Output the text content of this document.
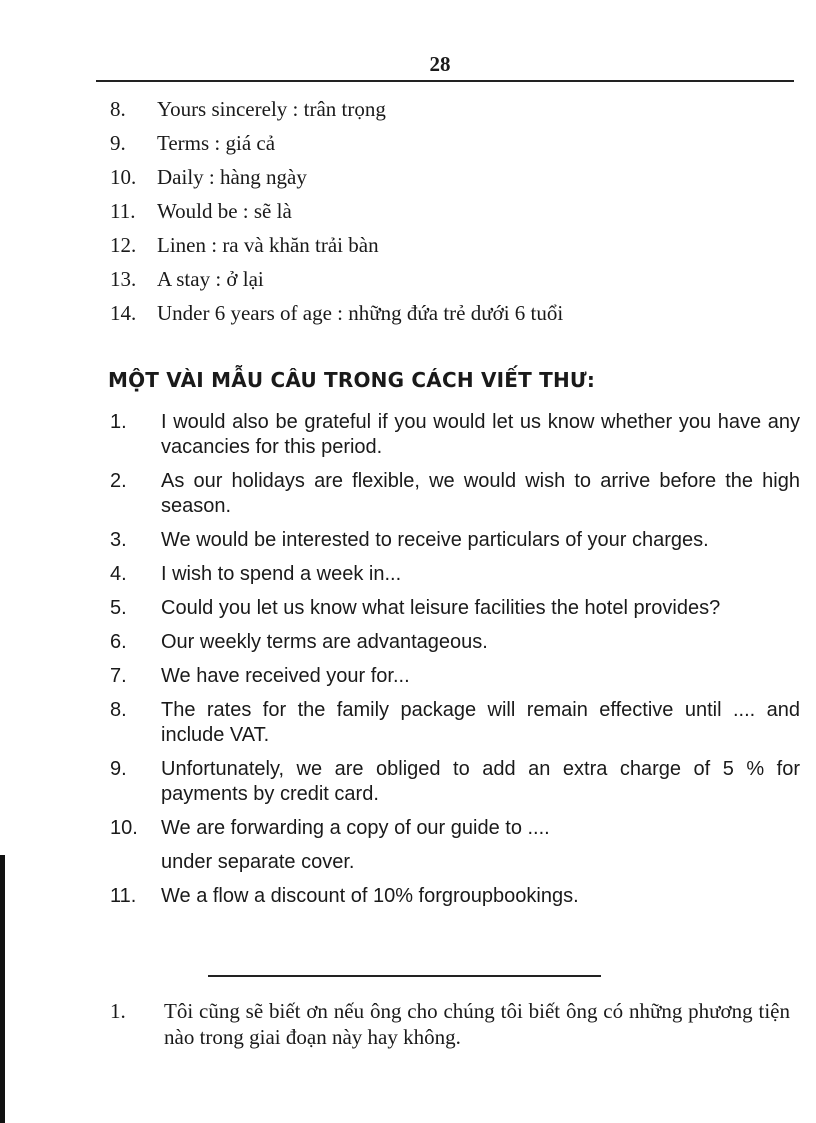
28
8.	Yours sincerely : trân trọng
9.	Terms : giá cả
10. Daily : hàng ngày
11.	Would be : sẽ là
12. Linen : ra và khăn trải bàn
13. A stay : ở lại
14. Under 6 years of age : những đứa trẻ dưới 6 tuổi
MỘT VÀI MẪU CÂU TRONG CÁCH VIẾT THƯ:
1.	I would also be grateful if you would let us know whether you have any vacancies for this period.
2.	As our holidays are flexible, we would wish to arrive before the high season.
3.	We would be interested to receive particulars of your charges.
4.	I wish to spend a week in...
5.	Could you let us know what leisure facilities the hotel provides?
6.	Our weekly terms are advantageous.
7.	We have received your for...
8.	The rates for the family package will remain effective until .... and include VAT.
9.	Unfortunately, we are obliged to add an extra charge of 5 % for payments by credit card.
10.	We are forwarding a copy of our guide to ....
under separate cover.
11.	We a flow a discount of 10% forgroupbookings.
1.	Tôi cũng sẽ biết ơn nếu ông cho chúng tôi biết ông có những phương tiện nào trong giai đoạn này hay không.
